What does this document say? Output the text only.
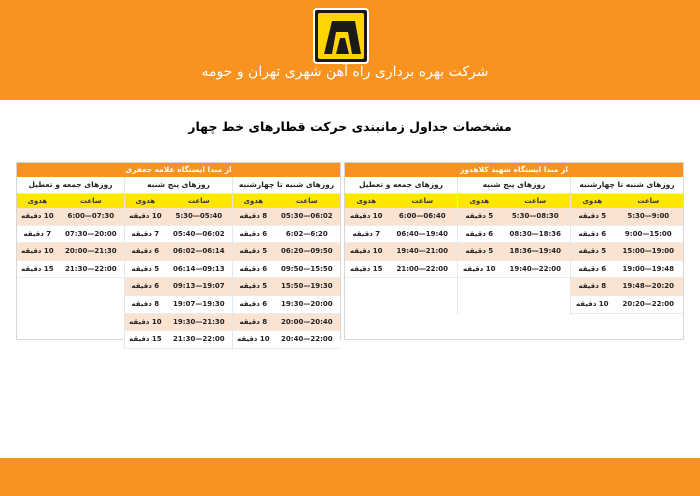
شرکت بهره برداری راه آهن شهری تهران و حومه
مشخصات جداول زمانبندی حرکت قطارهای خط چهار
از مبدا ایستگاه علامه جعفری
روزهای شنبه تا چهارشنبه
ساعت
هدوی
05:30—06:02
8 دقیقه
6:02—6:20
6 دقیقه
06:20—09:50
5 دقیقه
09:50—15:50
6 دقیقه
15:50—19:30
5 دقیقه
19:30—20:00
6 دقیقه
20:00—20:40
8 دقیقه
20:40—22:00
10 دقیقه
روزهای پنج شنبه
ساعت
هدوی
5:30—05:40
10 دقیقه
05:40—06:02
7 دقیقه
06:02—06:14
6 دقیقه
06:14—09:13
5 دقیقه
09:13—19:07
6 دقیقه
19:07—19:30
8 دقیقه
19:30—21:30
10 دقیقه
21:30—22:00
15 دقیقه
روزهای جمعه و تعطیل
ساعت
هدوی
6:00—07:30
10 دقیقه
07:30—20:00
7 دقیقه
20:00—21:30
10 دقیقه
21:30—22:00
15 دقیقه
از مبدا ایستگاه شهید کلاهدوز
روزهای شنبه تا چهارشنبه
ساعت
هدوی
5:30—9:00
5 دقیقه
9:00—15:00
6 دقیقه
15:00—19:00
5 دقیقه
19:00—19:48
6 دقیقه
19:48—20:20
8 دقیقه
20:20—22:00
10 دقیقه
روزهای پنج شنبه
ساعت
هدوی
5:30—08:30
5 دقیقه
08:30—18:36
6 دقیقه
18:36—19:40
5 دقیقه
19:40—22:00
10 دقیقه
روزهای جمعه و تعطیل
ساعت
هدوی
6:00—06:40
10 دقیقه
06:40—19:40
7 دقیقه
19:40—21:00
10 دقیقه
21:00—22:00
15 دقیقه
